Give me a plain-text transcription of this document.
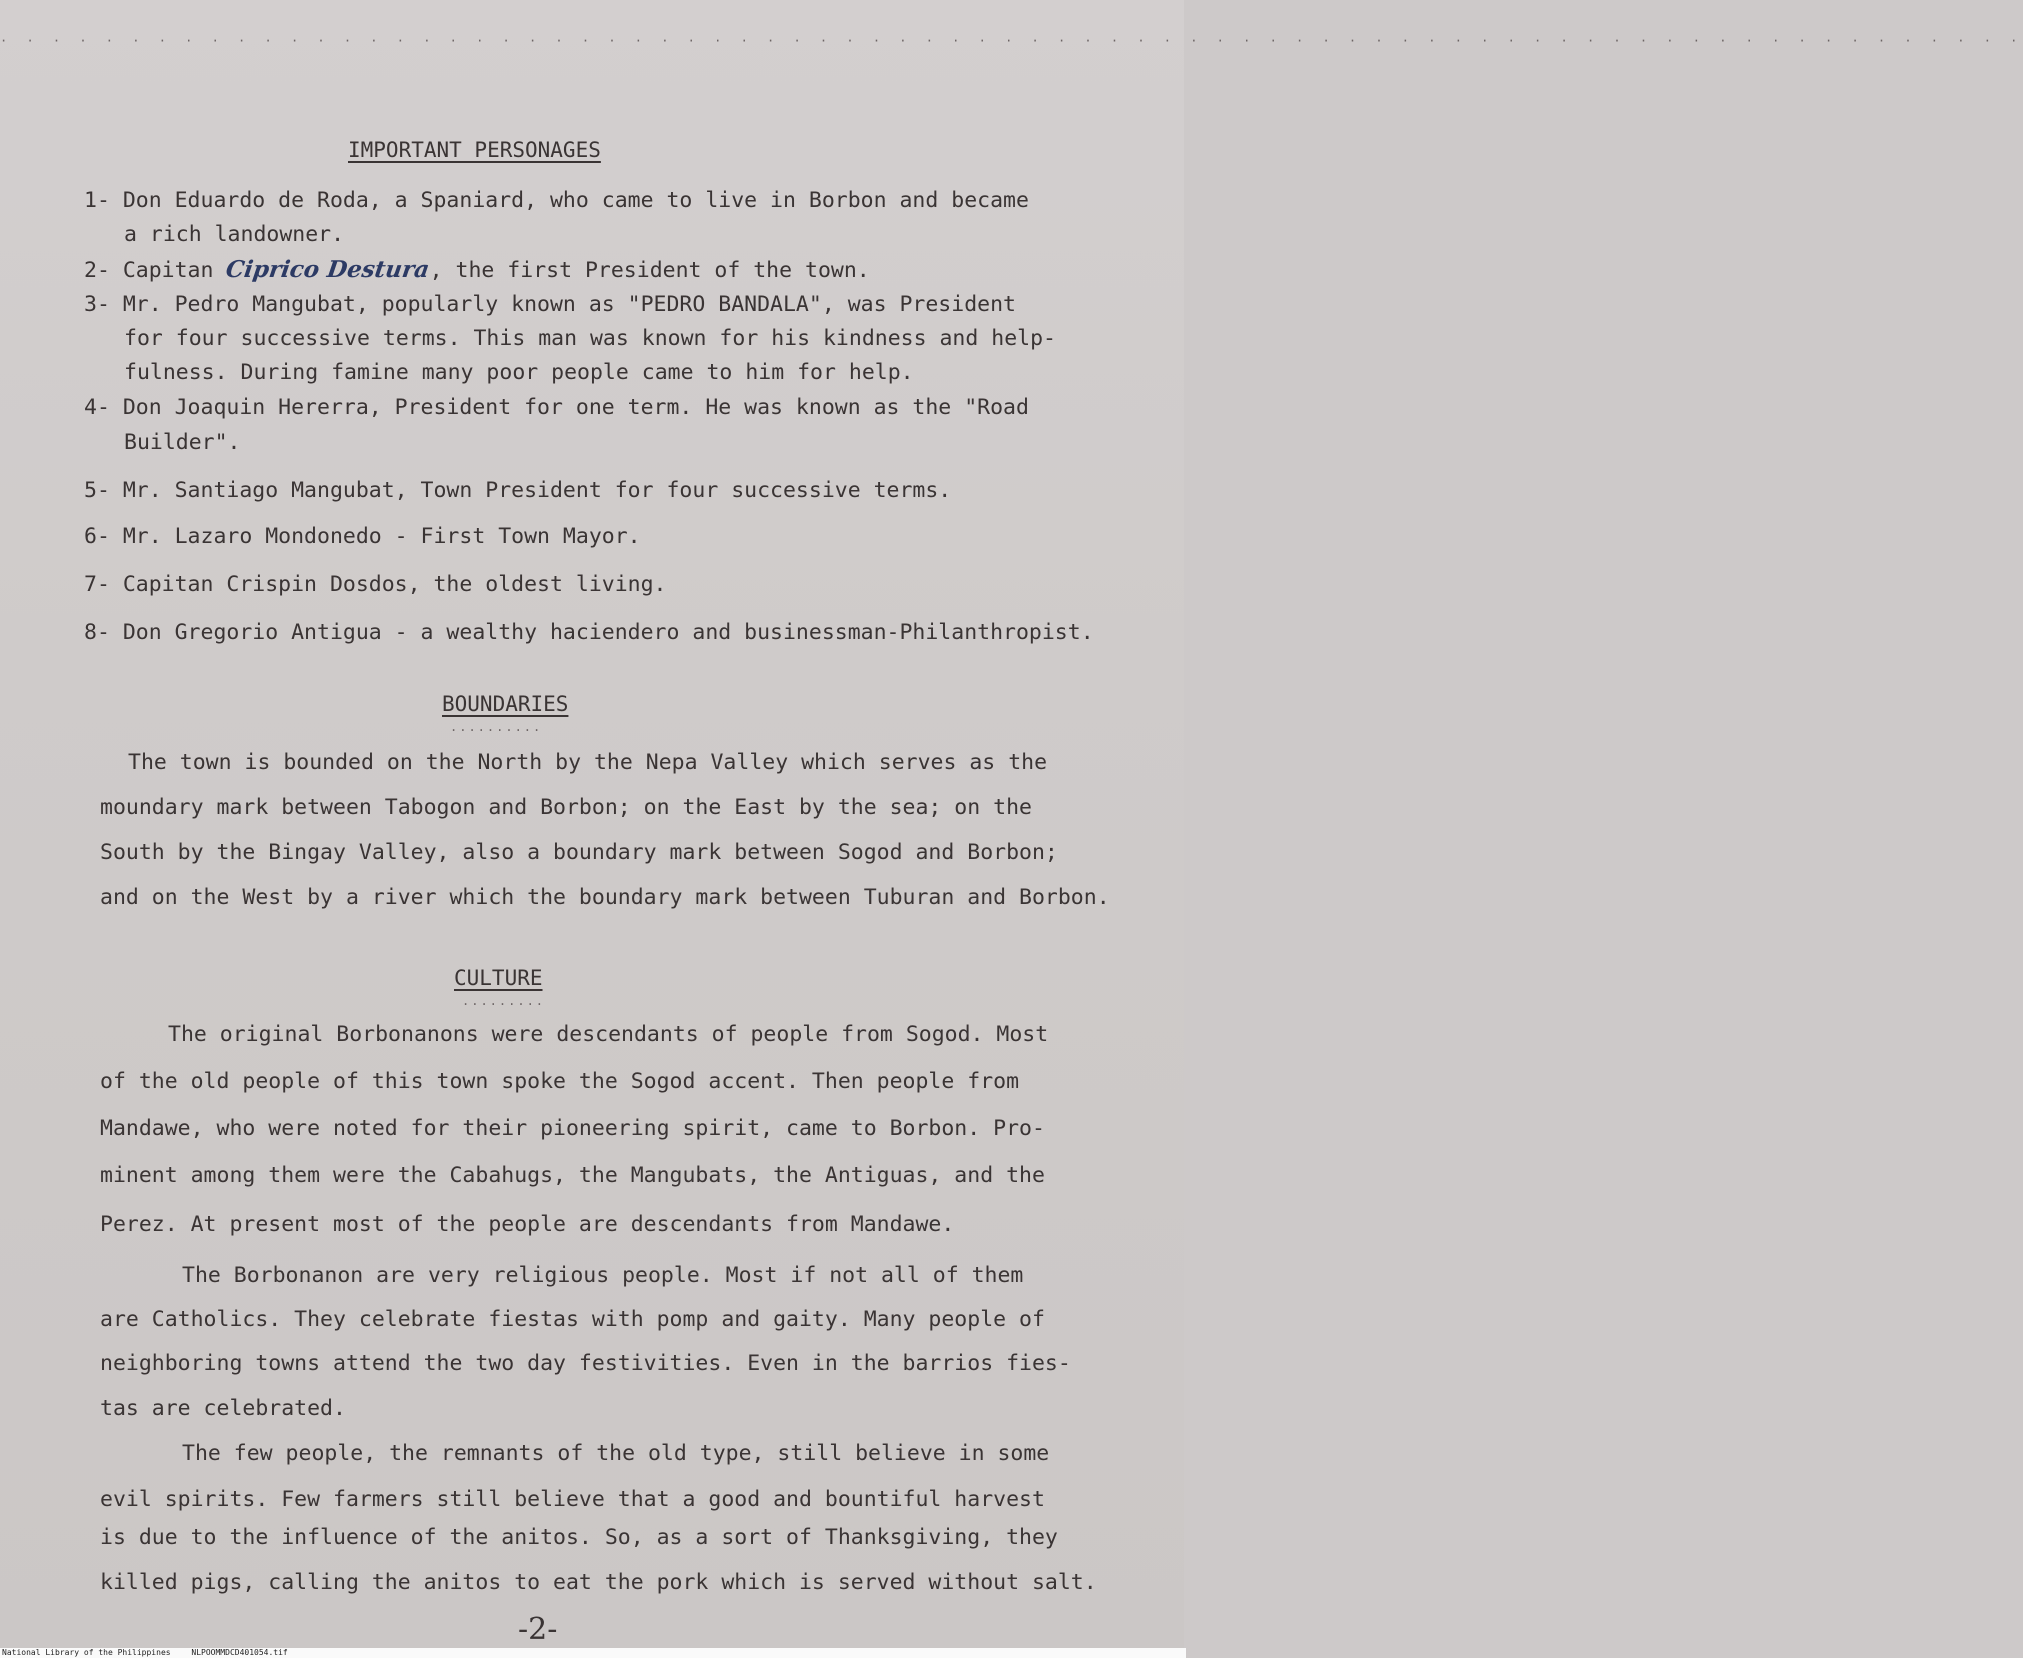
· · · · · · · · · · · · · · · · · · · · · · · · · · · · · · · · · · · · · · · · · · · · · · · · · · · · · · · · · · · · · · · · · · · · · · · · · · · · ·
IMPORTANT PERSONAGES
1- Don Eduardo de Roda, a Spaniard, who came to live in Borbon and became
a rich landowner.
2- Capitan Ciprico Destura, the first President of the town.
3- Mr. Pedro Mangubat, popularly known as "PEDRO BANDALA", was President
for four successive terms. This man was known for his kindness and help-
fulness. During famine many poor people came to him for help.
4- Don Joaquin Hererra, President for one term. He was known as the "Road
Builder".
5- Mr. Santiago Mangubat, Town President for four successive terms.
6- Mr. Lazaro Mondonedo - First Town Mayor.
7- Capitan Crispin Dosdos, the oldest living.
8- Don Gregorio Antigua - a wealthy haciendero and businessman-Philanthropist.
BOUNDARIES
..........
The town is bounded on the North by the Nepa Valley which serves as the
moundary mark between Tabogon and Borbon; on the East by the sea; on the
South by the Bingay Valley, also a boundary mark between Sogod and Borbon;
and on the West by a river which the boundary mark between Tuburan and Borbon.
CULTURE
.........
The original Borbonanons were descendants of people from Sogod. Most
of the old people of this town spoke the Sogod accent. Then people from
Mandawe, who were noted for their pioneering spirit, came to Borbon. Pro-
minent among them were the Cabahugs, the Mangubats, the Antiguas, and the
Perez. At present most of the people are descendants from Mandawe.
The Borbonanon are very religious people. Most if not all of them
are Catholics. They celebrate fiestas with pomp and gaity. Many people of
neighboring towns attend the two day festivities. Even in the barrios fies-
tas are celebrated.
The few people, the remnants of the old type, still believe in some
evil spirits. Few farmers still believe that a good and bountiful harvest
is due to the influence of the anitos. So, as a sort of Thanksgiving, they
killed pigs, calling the anitos to eat the pork which is served without salt.
-2-
National Library of the Philippines	NLPOOMMDCD401054.tif
